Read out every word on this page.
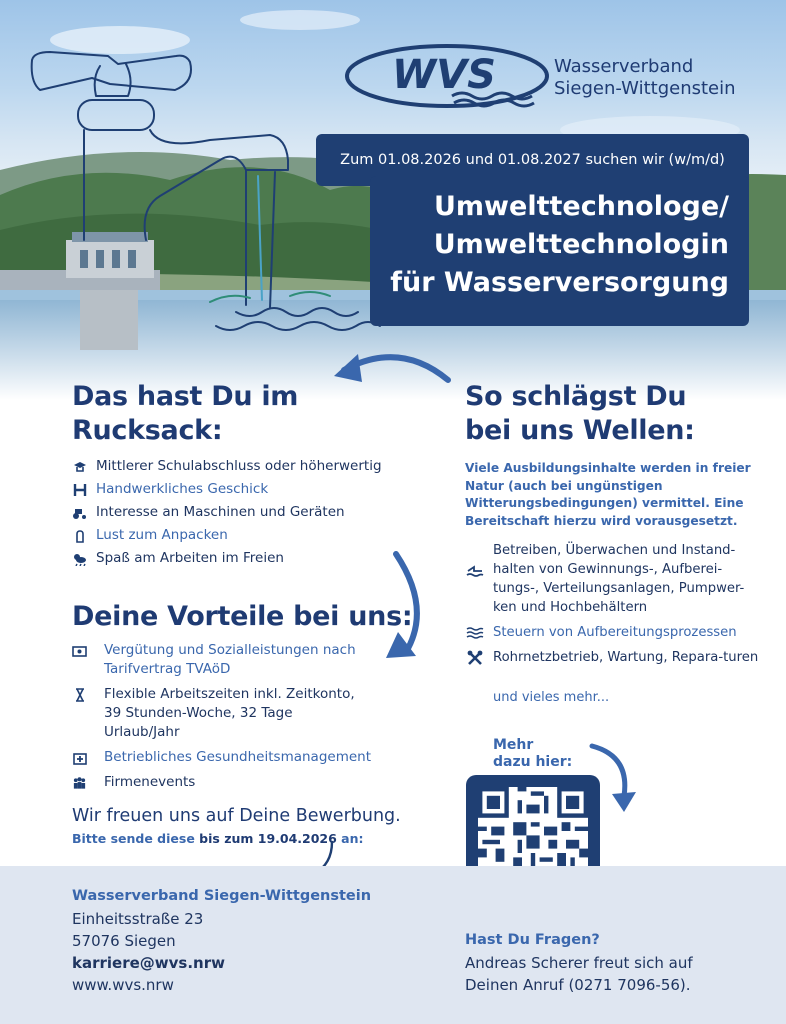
WVS	Wasserverband
Siegen-Wittgenstein
Zum 01.08.2026 und 01.08.2027 suchen wir (w/m/d)
Umwelttechnologe/
Umwelttechnologin
für Wasserversorgung
Das hast Du im
Rucksack:
Mittlerer Schulabschluss oder höherwertig
Handwerkliches Geschick
Interesse an Maschinen und Geräten
Lust zum Anpacken
Spaß am Arbeiten im Freien
Deine Vorteile bei uns:
Vergütung und Sozialleistungen nach Tarifvertrag TVAöD
Flexible Arbeitszeiten inkl. Zeitkonto, 39 Stunden-Woche, 32 Tage Urlaub/Jahr
Betriebliches Gesundheitsmanagement
Firmenevents
So schlägst Du
bei uns Wellen:
Viele Ausbildungsinhalte werden in freier Natur (auch bei ungünstigen Witterungsbedingungen) vermittel. Eine Bereitschaft hierzu wird vorausgesetzt.
Betreiben, Überwachen und Instand-halten von Gewinnungs-, Aufberei-tungs-, Verteilungsanlagen, Pumpwer-ken und Hochbehältern
Steuern von Aufbereitungsprozessen
Rohrnetzbetrieb, Wartung, Repara-turen
und vieles mehr...
Mehr
dazu hier:
Wir freuen uns auf Deine Bewerbung.
Bitte sende diese bis zum 19.04.2026 an:
Wasserverband Siegen-Wittgenstein
Einheitsstraße 23
57076 Siegen
karriere@wvs.nrw
www.wvs.nrw
Hast Du Fragen?
Andreas Scherer freut sich auf
Deinen Anruf (0271 7096-56).
